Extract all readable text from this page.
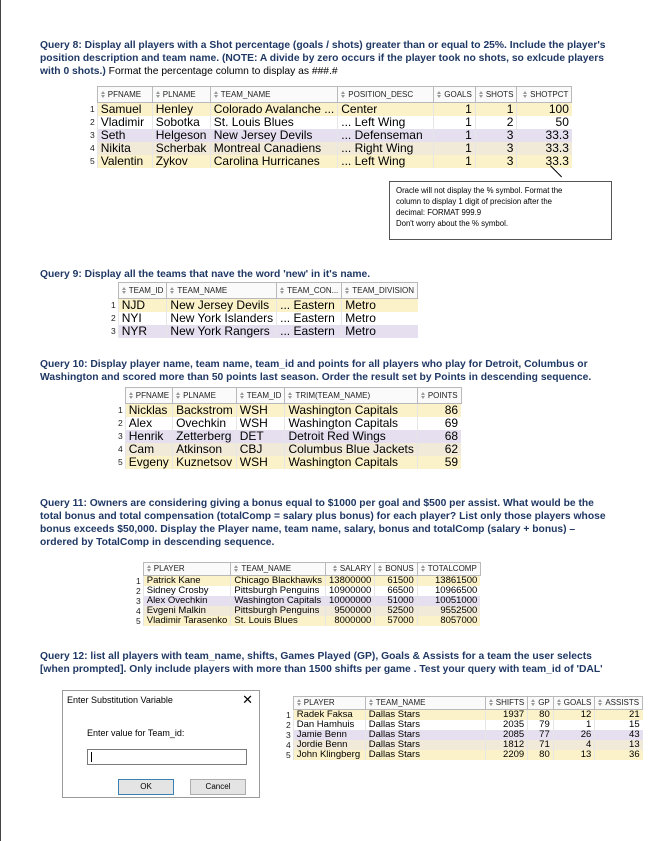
Query 8: Display all players with a Shot percentage (goals / shots) greater than or equal to 25%. Include the player's position description and team name. (NOTE: A divide by zero occurs if the player took no shots, so exlcude players with 0 shots.) Format the percentage column to display as ###.#
	PFNAME	PLNAME	TEAM_NAME	POSITION_DESC	GOALS	SHOTS	SHOTPCT
1	Samuel	Henley	Colorado Avalanche ...	Center	1	1	100
2	Vladimir	Sobotka	St. Louis Blues	... Left Wing	1	2	50
3	Seth	Helgeson	New Jersey Devils	... Defenseman	1	3	33.3
4	Nikita	Scherbak	Montreal Canadiens	... Right Wing	1	3	33.3
5	Valentin	Zykov	Carolina Hurricanes	... Left Wing	1	3	33.3
Oracle will not display the % symbol. Format the
column to display 1 digit of precision after the
decimal: FORMAT 999.9
Don't worry about the % symbol.
Query 9: Display all the teams that nave the word 'new' in it's name.
	TEAM_ID	TEAM_NAME	TEAM_CON...	TEAM_DIVISION
1	NJD	New Jersey Devils	... Eastern	Metro
2	NYI	New York Islanders	... Eastern	Metro
3	NYR	New York Rangers	... Eastern	Metro
Query 10: Display player name, team name, team_id and points for all players who play for Detroit, Columbus or Washington and scored more than 50 points last season. Order the result set by Points in descending sequence.
	PFNAME	PLNAME	TEAM_ID	TRIM(TEAM_NAME)	POINTS
1	Nicklas	Backstrom	WSH	Washington Capitals	86
2	Alex	Ovechkin	WSH	Washington Capitals	69
3	Henrik	Zetterberg	DET	Detroit Red Wings	68
4	Cam	Atkinson	CBJ	Columbus Blue Jackets	62
5	Evgeny	Kuznetsov	WSH	Washington Capitals	59
Query 11: Owners are considering giving a bonus equal to $1000 per goal and $500 per assist. What would be the total bonus and total compensation (totalComp = salary plus bonus) for each player? List only those players whose bonus exceeds $50,000. Display the Player name, team name, salary, bonus and totalComp (salary + bonus) – ordered by TotalComp in descending sequence.
	PLAYER	TEAM_NAME	SALARY	BONUS	TOTALCOMP
1	Patrick Kane	Chicago Blackhawks	13800000	61500	13861500
2	Sidney Crosby	Pittsburgh Penguins	10900000	66500	10966500
3	Alex Ovechkin	Washington Capitals	10000000	51000	10051000
4	Evgeni Malkin	Pittsburgh Penguins	9500000	52500	9552500
5	Vladimir Tarasenko	St. Louis Blues	8000000	57000	8057000
Query 12: list all players with team_name, shifts, Games Played (GP), Goals & Assists for a team the user selects [when prompted]. Only include players with more than 1500 shifts per game . Test your query with team_id of 'DAL'
Enter Substitution Variable	✕
Enter value for Team_id:
OK	Cancel
	PLAYER	TEAM_NAME	SHIFTS	GP	GOALS	ASSISTS
1	Radek Faksa	Dallas Stars	1937	80	12	21
2	Dan Hamhuis	Dallas Stars	2035	79	1	15
3	Jamie Benn	Dallas Stars	2085	77	26	43
4	Jordie Benn	Dallas Stars	1812	71	4	13
5	John Klingberg	Dallas Stars	2209	80	13	36
